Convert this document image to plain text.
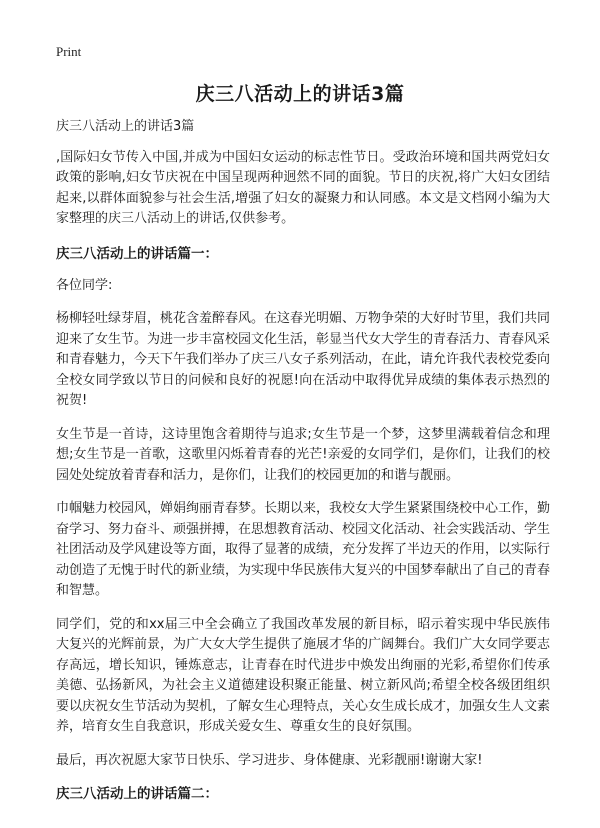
Print
庆三八活动上的讲话3篇

庆三八活动上的讲话3篇

,国际妇女节传入中国,并成为中国妇女运动的标志性节日。受政治环境和国共两党妇女政策的影响,妇女节庆祝在中国呈现两种迥然不同的面貌。节日的庆祝,将广大妇女团结起来,以群体面貌参与社会生活,增强了妇女的凝聚力和认同感。本文是文档网小编为大家整理的庆三八活动上的讲话,仅供参考。

庆三八活动上的讲话篇一：

各位同学:

杨柳轻吐绿芽眉，桃花含羞醉春风。在这春光明媚、万物争荣的大好时节里，我们共同迎来了女生节。为进一步丰富校园文化生活，彰显当代女大学生的青春活力、青春风采和青春魅力，今天下午我们举办了庆三八女子系列活动，在此，请允许我代表校党委向全校女同学致以节日的问候和良好的祝愿!向在活动中取得优异成绩的集体表示热烈的祝贺!

女生节是一首诗，这诗里饱含着期待与追求;女生节是一个梦，这梦里满载着信念和理想;女生节是一首歌，这歌里闪烁着青春的光芒!亲爱的女同学们，是你们，让我们的校园处处绽放着青春和活力，是你们，让我们的校园更加的和谐与靓丽。

巾帼魅力校园风，婵娟绚丽青春梦。长期以来，我校女大学生紧紧围绕校中心工作，勤奋学习、努力奋斗、顽强拼搏，在思想教育活动、校园文化活动、社会实践活动、学生社团活动及学风建设等方面，取得了显著的成绩，充分发挥了半边天的作用，以实际行动创造了无愧于时代的新业绩，为实现中华民族伟大复兴的中国梦奉献出了自己的青春和智慧。

同学们，党的和xx届三中全会确立了我国改革发展的新目标，昭示着实现中华民族伟大复兴的光辉前景，为广大女大学生提供了施展才华的广阔舞台。我们广大女同学要志存高远，增长知识，锤炼意志，让青春在时代进步中焕发出绚丽的光彩,希望你们传承美德、弘扬新风，为社会主义道德建设积聚正能量、树立新风尚;希望全校各级团组织要以庆祝女生节活动为契机，了解女生心理特点，关心女生成长成才，加强女生人文素养，培育女生自我意识，形成关爱女生、尊重女生的良好氛围。

最后，再次祝愿大家节日快乐、学习进步、身体健康、光彩靓丽!谢谢大家!

庆三八活动上的讲话篇二：
